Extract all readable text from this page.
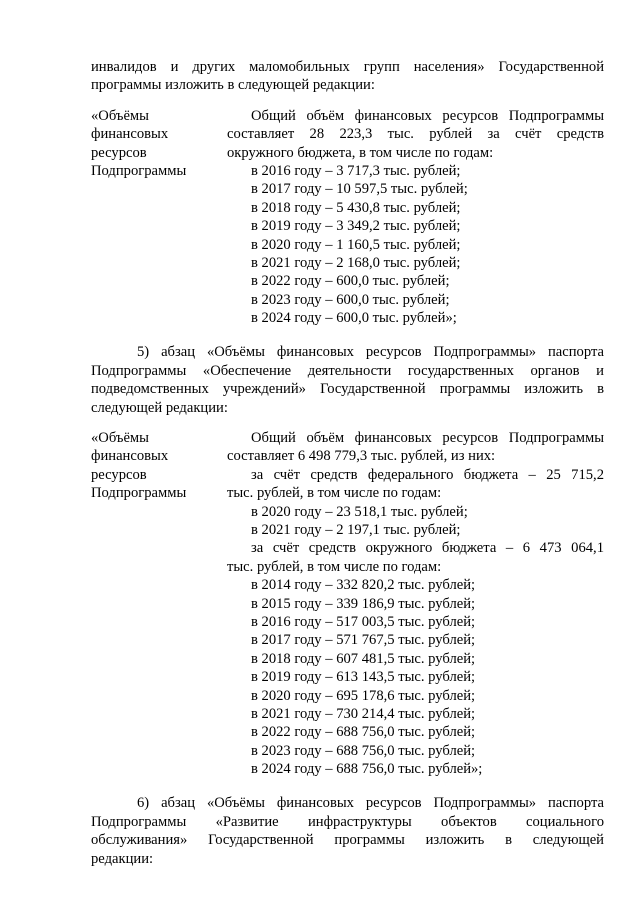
инвалидов и других маломобильных групп населения» Государственной
программы изложить в следующей редакции:
«Объёмы
финансовых
ресурсов
Подпрограммы
Общий объём финансовых ресурсов Подпрограммы
составляет 28 223,3 тыс. рублей за счёт средств
окружного бюджета, в том числе по годам:
в 2016 году – 3 717,3 тыс. рублей;
в 2017 году – 10 597,5 тыс. рублей;
в 2018 году – 5 430,8 тыс. рублей;
в 2019 году – 3 349,2 тыс. рублей;
в 2020 году – 1 160,5 тыс. рублей;
в 2021 году – 2 168,0 тыс. рублей;
в 2022 году – 600,0 тыс. рублей;
в 2023 году – 600,0 тыс. рублей;
в 2024 году – 600,0 тыс. рублей»;
5) абзац «Объёмы финансовых ресурсов Подпрограммы» паспорта
Подпрограммы «Обеспечение деятельности государственных органов и
подведомственных учреждений» Государственной программы изложить в
следующей редакции:
«Объёмы
финансовых
ресурсов
Подпрограммы
Общий объём финансовых ресурсов Подпрограммы
составляет 6 498 779,3 тыс. рублей, из них:
за счёт средств федерального бюджета – 25 715,2
тыс. рублей, в том числе по годам:
в 2020 году – 23 518,1 тыс. рублей;
в 2021 году – 2 197,1 тыс. рублей;
за счёт средств окружного бюджета – 6 473 064,1
тыс. рублей, в том числе по годам:
в 2014 году – 332 820,2 тыс. рублей;
в 2015 году – 339 186,9 тыс. рублей;
в 2016 году – 517 003,5 тыс. рублей;
в 2017 году – 571 767,5 тыс. рублей;
в 2018 году – 607 481,5 тыс. рублей;
в 2019 году – 613 143,5 тыс. рублей;
в 2020 году – 695 178,6 тыс. рублей;
в 2021 году – 730 214,4 тыс. рублей;
в 2022 году – 688 756,0 тыс. рублей;
в 2023 году – 688 756,0 тыс. рублей;
в 2024 году – 688 756,0 тыс. рублей»;
6) абзац «Объёмы финансовых ресурсов Подпрограммы» паспорта
Подпрограммы «Развитие инфраструктуры объектов социального
обслуживания» Государственной программы изложить в следующей
редакции:
